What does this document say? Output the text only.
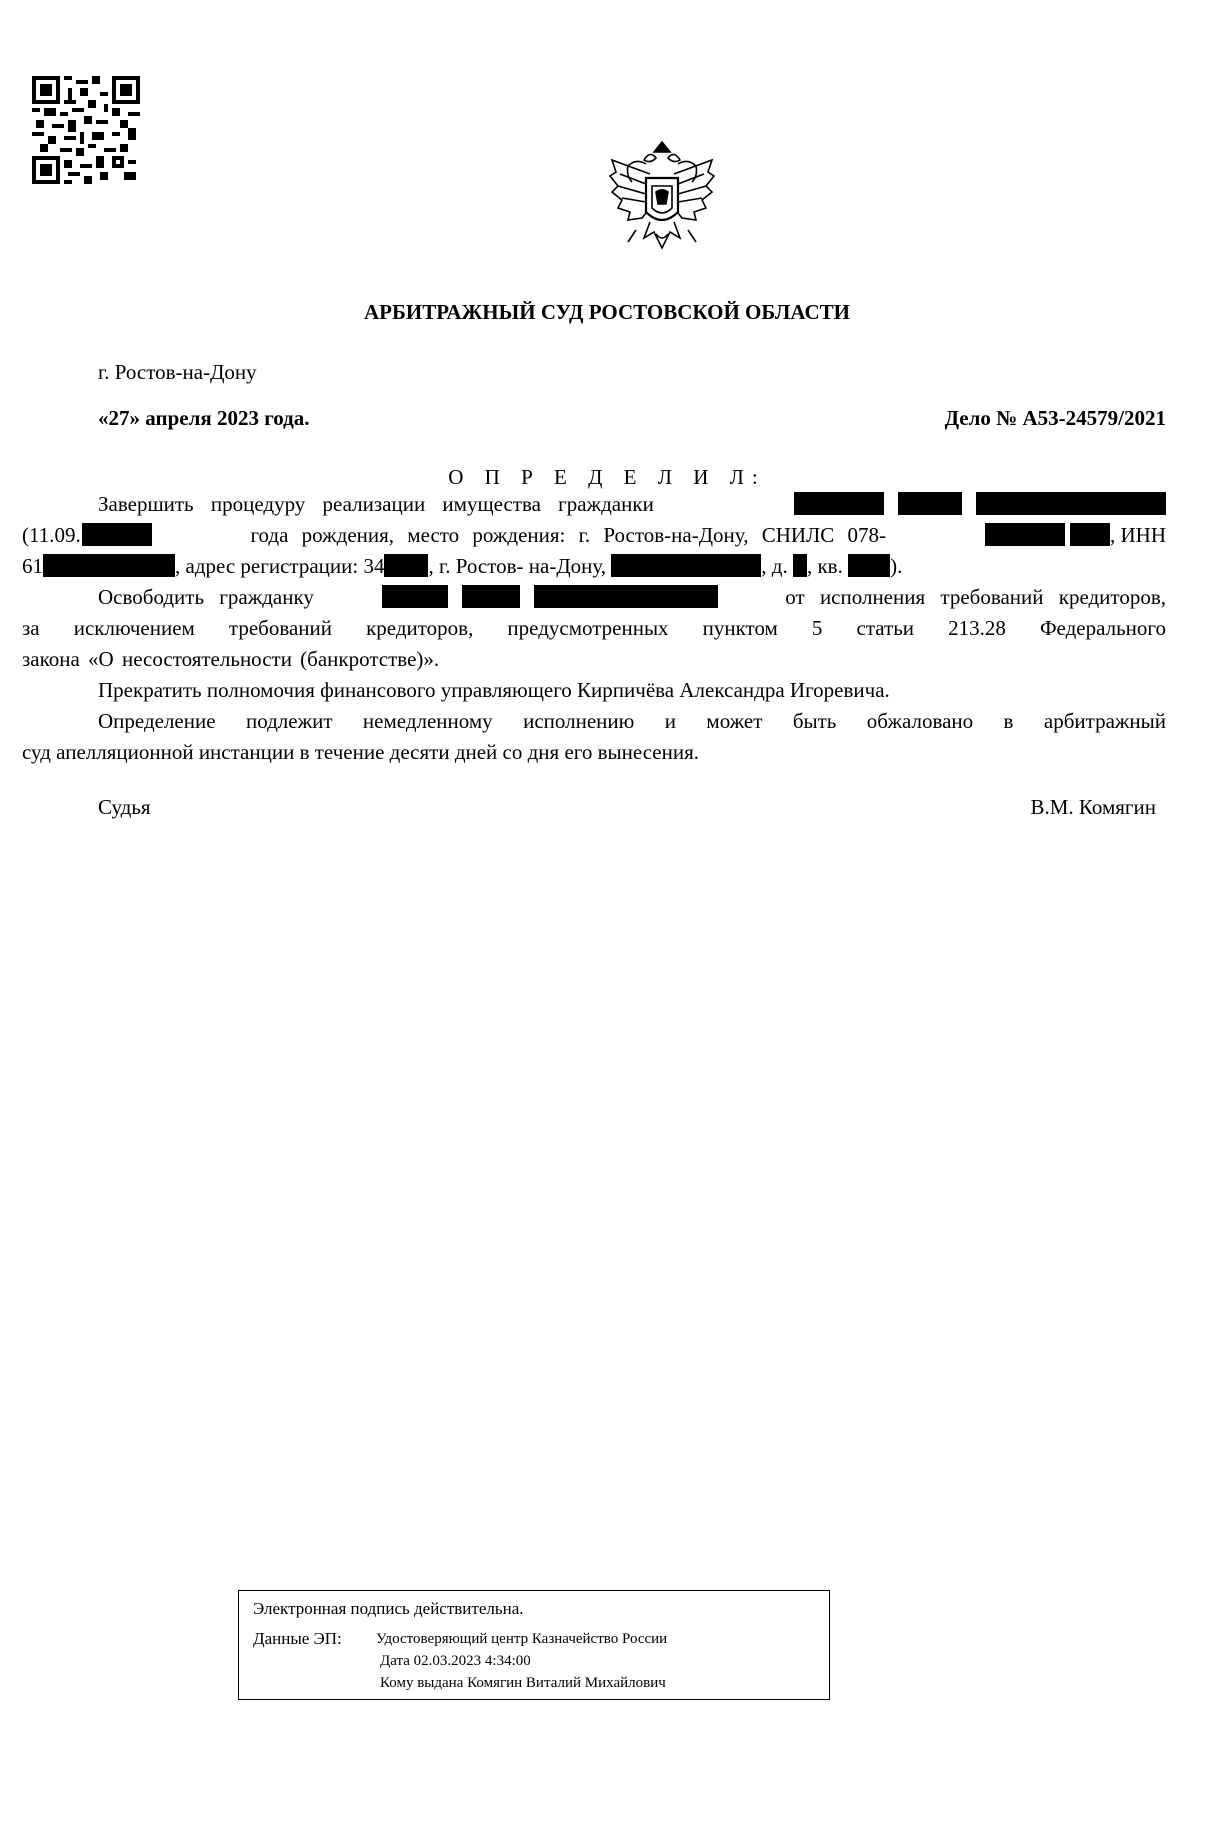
АРБИТРАЖНЫЙ СУД РОСТОВСКОЙ ОБЛАСТИ
г. Ростов-на-Дону
«27» апреля 2023 года.	Дело № А53-24579/2021
О П Р Е Д Е Л И Л:
Завершить процедуру реализации имущества гражданки
(11.09.	года рождения, место рождения: г. Ростов-на-Дону, СНИЛС 078-	, ИНН
61	, адрес регистрации: 34 , г. Ростов- на-Дону,	, д. , кв. ).
Освободить гражданку	от исполнения требований кредиторов,
за исключением требований кредиторов, предусмотренных пунктом 5 статьи 213.28 Федерального
закона «О несостоятельности (банкротстве)».
Прекратить полномочия финансового управляющего Кирпичёва Александра Игоревича.
Определение подлежит немедленному исполнению и может быть обжаловано в арбитражный
суд апелляционной инстанции в течение десяти дней со дня его вынесения.
Судья	В.М. Комягин
Электронная подпись действительна.
Данные ЭП: Удостоверяющий центр Казначейство России
Дата 02.03.2023 4:34:00
Кому выдана Комягин Виталий Михайлович
